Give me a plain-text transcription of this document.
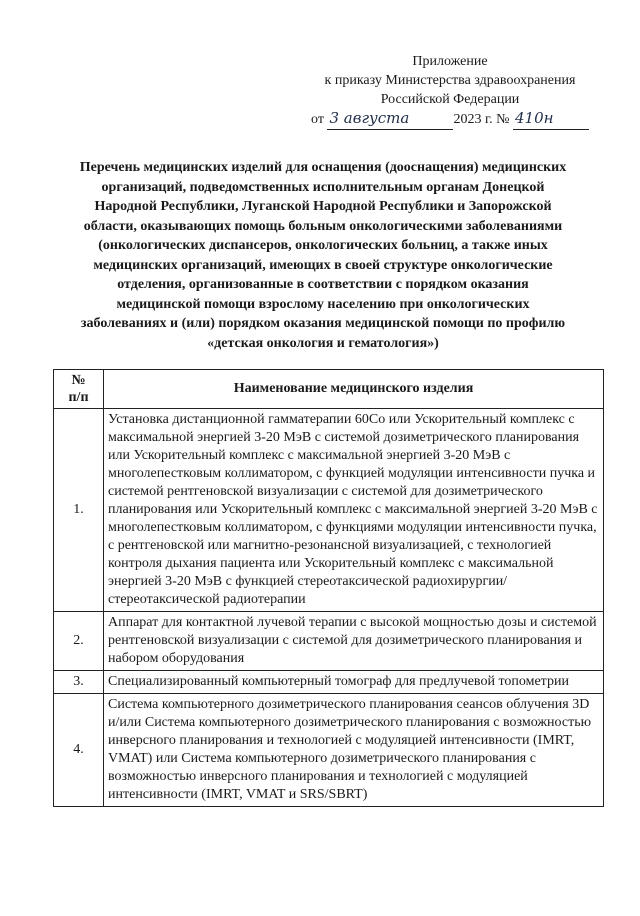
Приложение
к приказу Министерства здравоохранения
Российской Федерации
от 3 августа	2023 г. № 410н
Перечень медицинских изделий для оснащения (дооснащения) медицинских организаций, подведомственных исполнительным органам Донецкой Народной Республики, Луганской Народной Республики и Запорожской области, оказывающих помощь больным онкологическими заболеваниями (онкологических диспансеров, онкологических больниц, а также иных медицинских организаций, имеющих в своей структуре онкологические отделения, организованные в соответствии с порядком оказания медицинской помощи взрослому населению при онкологических заболеваниях и (или) порядком оказания медицинской помощи по профилю «детская онкология и гематология»)
№
п/п	Наименование медицинского изделия
1.	Установка дистанционной гамматерапии 60Co или Ускорительный комплекс с максимальной энергией 3-20 МэВ с системой дозиметрического планирования или Ускорительный комплекс с максимальной энергией 3-20 МэВ с многолепестковым коллиматором, с функцией модуляции интенсивности пучка и системой рентгеновской визуализации с системой для дозиметрического планирования или Ускорительный комплекс с максимальной энергией 3-20 МэВ с многолепестковым коллиматором, с функциями модуляции интенсивности пучка, с рентгеновской или магнитно-резонансной визуализацией, с технологией контроля дыхания пациента или Ускорительный комплекс с максимальной энергией 3-20 МэВ с функцией стереотаксической радиохирургии/ стереотаксической радиотерапии
2.	Аппарат для контактной лучевой терапии с высокой мощностью дозы и системой рентгеновской визуализации с системой для дозиметрического планирования и набором оборудования
3.	Специализированный компьютерный томограф для предлучевой топометрии
4.	Система компьютерного дозиметрического планирования сеансов облучения 3D и/или Система компьютерного дозиметрического планирования с возможностью инверсного планирования и технологией с модуляцией интенсивности (IMRT, VMAT) или Система компьютерного дозиметрического планирования с возможностью инверсного планирования и технологией с модуляцией интенсивности (IMRT, VMAT и SRS/SBRT)
